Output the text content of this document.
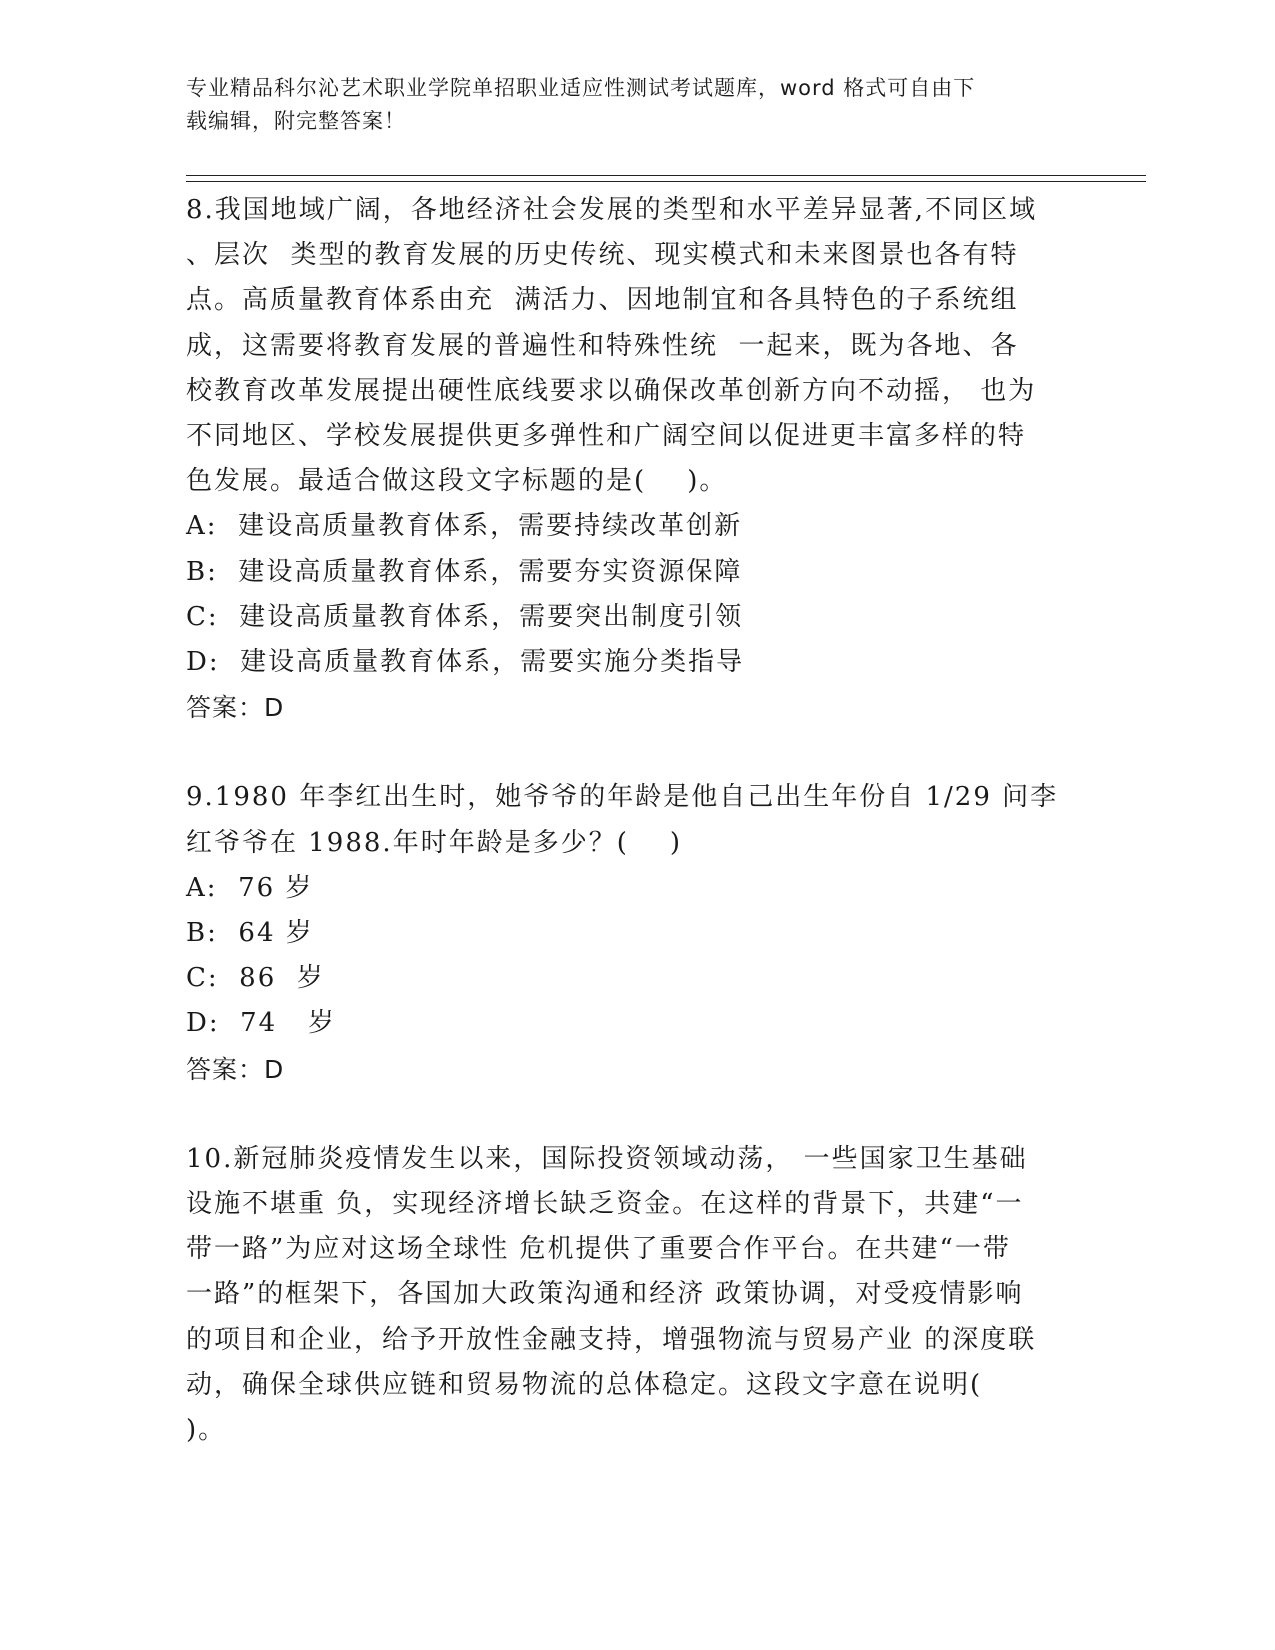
专业精品科尔沁艺术职业学院单招职业适应性测试考试题库，word 格式可自由下
载编辑，附完整答案！

8.我国地域广阔，各地经济社会发展的类型和水平差异显著,不同区域

、层次  类型的教育发展的历史传统、现实模式和未来图景也各有特

点。高质量教育体系由充  满活力、因地制宜和各具特色的子系统组

成，这需要将教育发展的普遍性和特殊性统  一起来，既为各地、各

校教育改革发展提出硬性底线要求以确保改革创新方向不动摇， 也为

不同地区、学校发展提供更多弹性和广阔空间以促进更丰富多样的特

色发展。最适合做这段文字标题的是(    )。

A:  建设高质量教育体系，需要持续改革创新

B:  建设高质量教育体系，需要夯实资源保障

C:  建设高质量教育体系，需要突出制度引领

D:  建设高质量教育体系，需要实施分类指导

答案：D

9.1980 年李红出生时，她爷爷的年龄是他自己出生年份自 1/29 问李

红爷爷在 1988.年时年龄是多少？(    )

A:  76 岁

B:  64 岁

C:  86  岁

D:  74   岁

答案：D

10.新冠肺炎疫情发生以来，国际投资领域动荡， 一些国家卫生基础

设施不堪重 负，实现经济增长缺乏资金。在这样的背景下，共建“一

带一路”为应对这场全球性 危机提供了重要合作平台。在共建“一带

一路”的框架下，各国加大政策沟通和经济 政策协调，对受疫情影响

的项目和企业，给予开放性金融支持，增强物流与贸易产业 的深度联

动，确保全球供应链和贸易物流的总体稳定。这段文字意在说明(

)。
